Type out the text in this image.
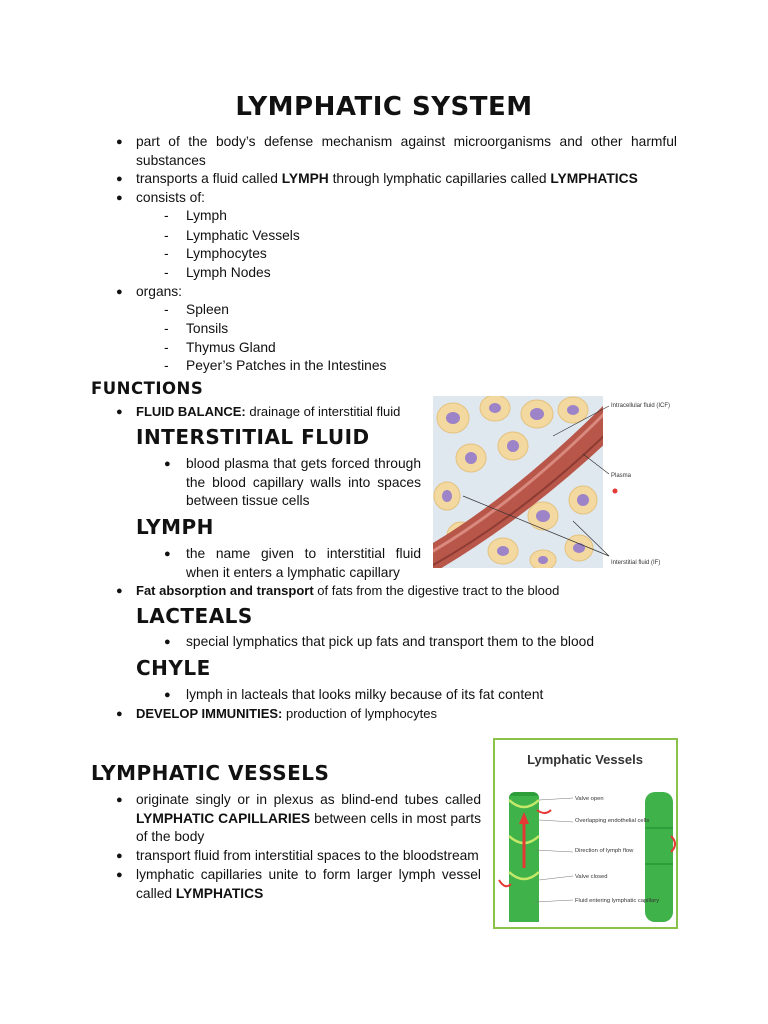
LYMPHATIC SYSTEM
● part of the body’s defense mechanism against microorganisms and other harmful substances
● transports a fluid called LYMPH through lymphatic capillaries called LYMPHATICS
● consists of:
- Lymph
- Lymphatic Vessels
- Lymphocytes
- Lymph Nodes
● organs:
- Spleen
- Tonsils
- Thymus Gland
- Peyer’s Patches in the Intestines
FUNCTIONS
● FLUID BALANCE: drainage of interstitial fluid
INTERSTITIAL FLUID
● blood plasma that gets forced through the blood capillary walls into spaces between tissue cells
LYMPH
● the name given to interstitial fluid when it enters a lymphatic capillary
● Fat absorption and transport of fats from the digestive tract to the blood
LACTEALS
● special lymphatics that pick up fats and transport them to the blood
CHYLE
● lymph in lacteals that looks milky because of its fat content
● DEVELOP IMMUNITIES: production of lymphocytes
Intracellular fluid (ICF)
Plasma
Interstitial fluid (IF)
LYMPHATIC VESSELS
● originate singly or in plexus as blind-end tubes called LYMPHATIC CAPILLARIES between cells in most parts of the body
● transport fluid from interstitial spaces to the bloodstream
● lymphatic capillaries unite to form larger lymph vessel called LYMPHATICS
Lymphatic Vessels
Valve open
Overlapping endothelial cells
Direction of lymph flow
Valve closed
Fluid entering lymphatic capillary
